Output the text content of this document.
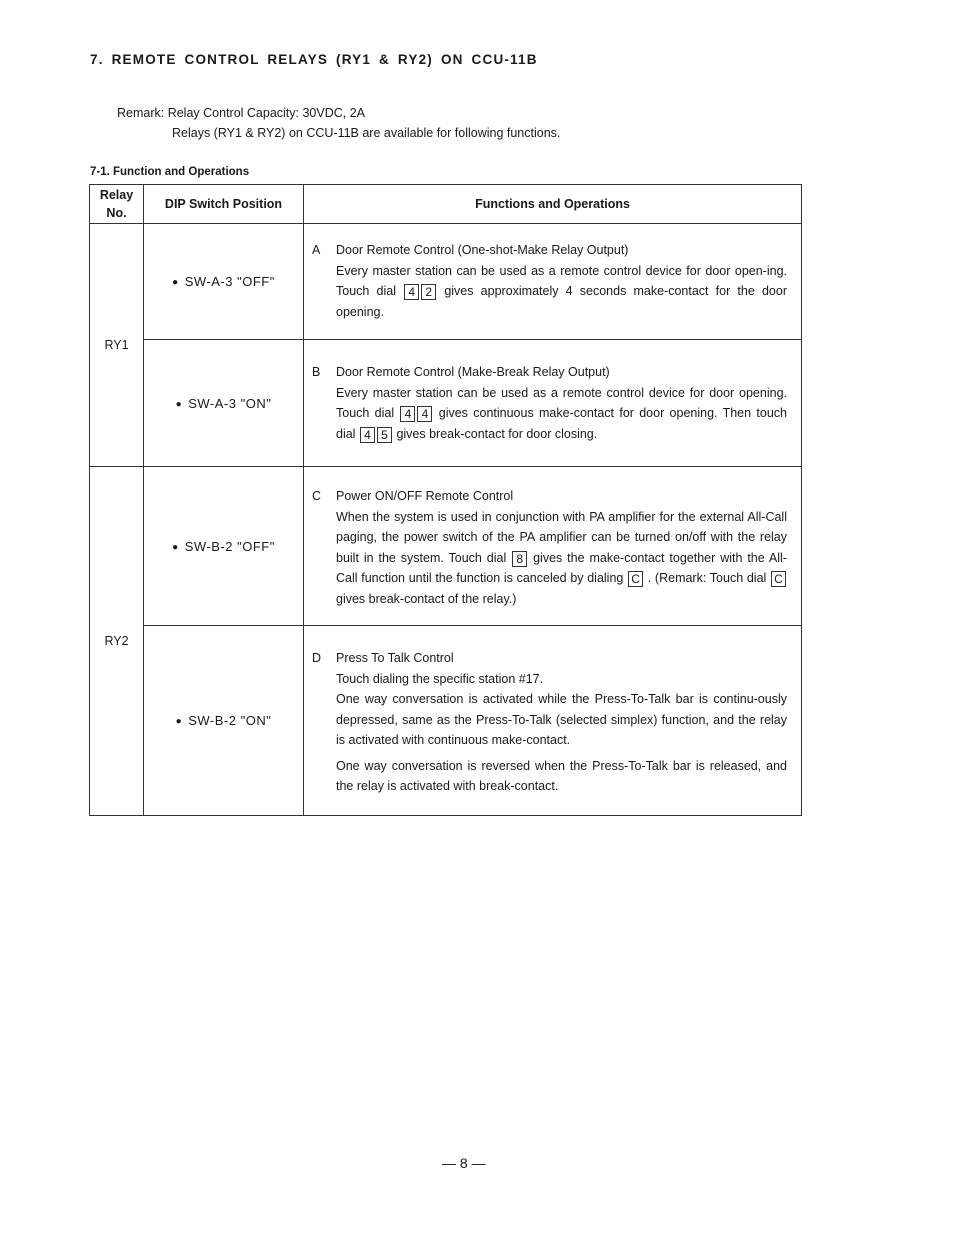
7. REMOTE CONTROL RELAYS (RY1 & RY2) ON CCU-11B
Remark: Relay Control Capacity: 30VDC, 2A
Relays (RY1 & RY2) on CCU-11B are available for following functions.
7-1. Function and Operations
Relay
No.	DIP Switch Position	Functions and Operations
RY1	● SW-A-3 "OFF"	A Door Remote Control (One-shot-Make Relay Output)
Every master station can be used as a remote control device for door open-ing. Touch dial 4 2 gives approximately 4 seconds make-contact for the door opening.

	● SW-A-3 "ON"	B Door Remote Control (Make-Break Relay Output)
Every master station can be used as a remote control device for door opening. Touch dial 4 4 gives continuous make-contact for door opening. Then touch dial 4 5 gives break-contact for door closing.

RY2	● SW-B-2 "OFF"	C Power ON/OFF Remote Control
When the system is used in conjunction with PA amplifier for the external All-Call paging, the power switch of the PA amplifier can be turned on/off with the relay built in the system. Touch dial 8 gives the make-contact together with the All-Call function until the function is canceled by dialing C . (Remark: Touch dial C gives break-contact of the relay.)

	● SW-B-2 "ON"	D Press To Talk Control
Touch dialing the specific station #17.
One way conversation is activated while the Press-To-Talk bar is continu-ously depressed, same as the Press-To-Talk (selected simplex) function, and the relay is activated with continuous make-contact.
One way conversation is reversed when the Press-To-Talk bar is released, and the relay is activated with break-contact.
— 8 —
